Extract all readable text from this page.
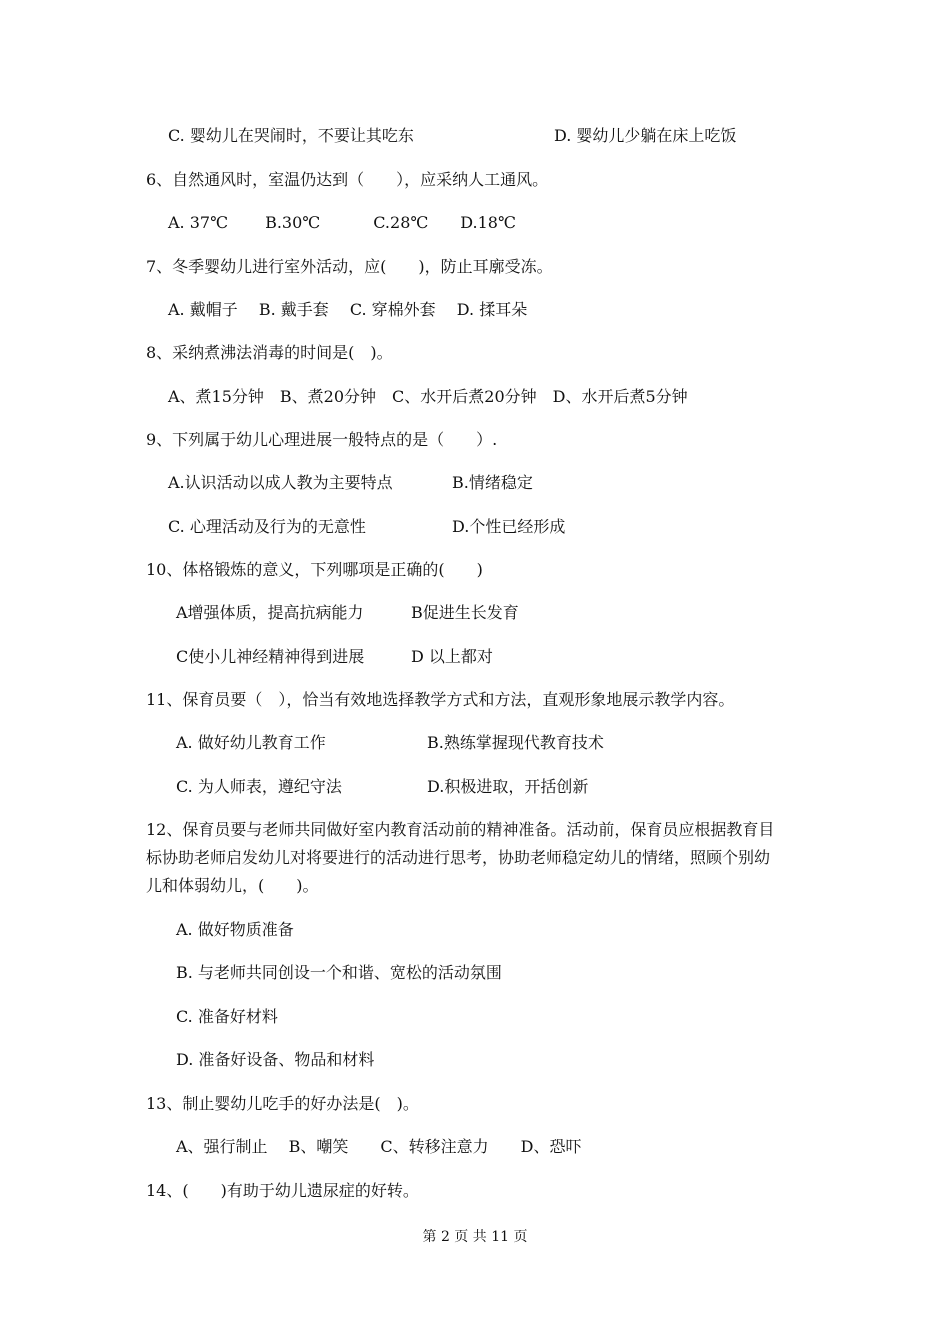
C. 婴幼儿在哭闹时，不要让其吃东	D. 婴幼儿少躺在床上吃饭
6、自然通风时，室温仍达到（　　），应采纳人工通风。
A. 37℃　　 B.30℃　　　 C.28℃　　D.18℃
7、冬季婴幼儿进行室外活动，应(　　)，防止耳廓受冻。
A. 戴帽子　 B. 戴手套　 C. 穿棉外套　 D. 揉耳朵
8、采纳煮沸法消毒的时间是(　)。
A、煮15分钟　B、煮20分钟　C、水开后煮20分钟　D、水开后煮5分钟
9、下列属于幼儿心理进展一般特点的是（　　）.
A.认识活动以成人教为主要特点	B.情绪稳定
C. 心理活动及行为的无意性	D.个性已经形成
10、体格锻炼的意义，下列哪项是正确的(　　)
A增强体质，提高抗病能力	B促进生长发育
C使小儿神经精神得到进展	D 以上都对
11、保育员要（　），恰当有效地选择教学方式和方法，直观形象地展示教学内容。
A. 做好幼儿教育工作	B.熟练掌握现代教育技术
C. 为人师表，遵纪守法	D.积极进取，开括创新
12、保育员要与老师共同做好室内教育活动前的精神准备。活动前，保育员应根据教育目
标协助老师启发幼儿对将要进行的活动进行思考，协助老师稳定幼儿的情绪，照顾个别幼
儿和体弱幼儿，(　　)。
A. 做好物质准备
B. 与老师共同创设一个和谐、宽松的活动氛围
C. 准备好材料
D. 准备好设备、物品和材料
13、制止婴幼儿吃手的好办法是(　)。
A、强行制止　 B、嘲笑　　C、转移注意力　　D、恐吓
14、(　　)有助于幼儿遗尿症的好转。
第 2 页 共 11 页
